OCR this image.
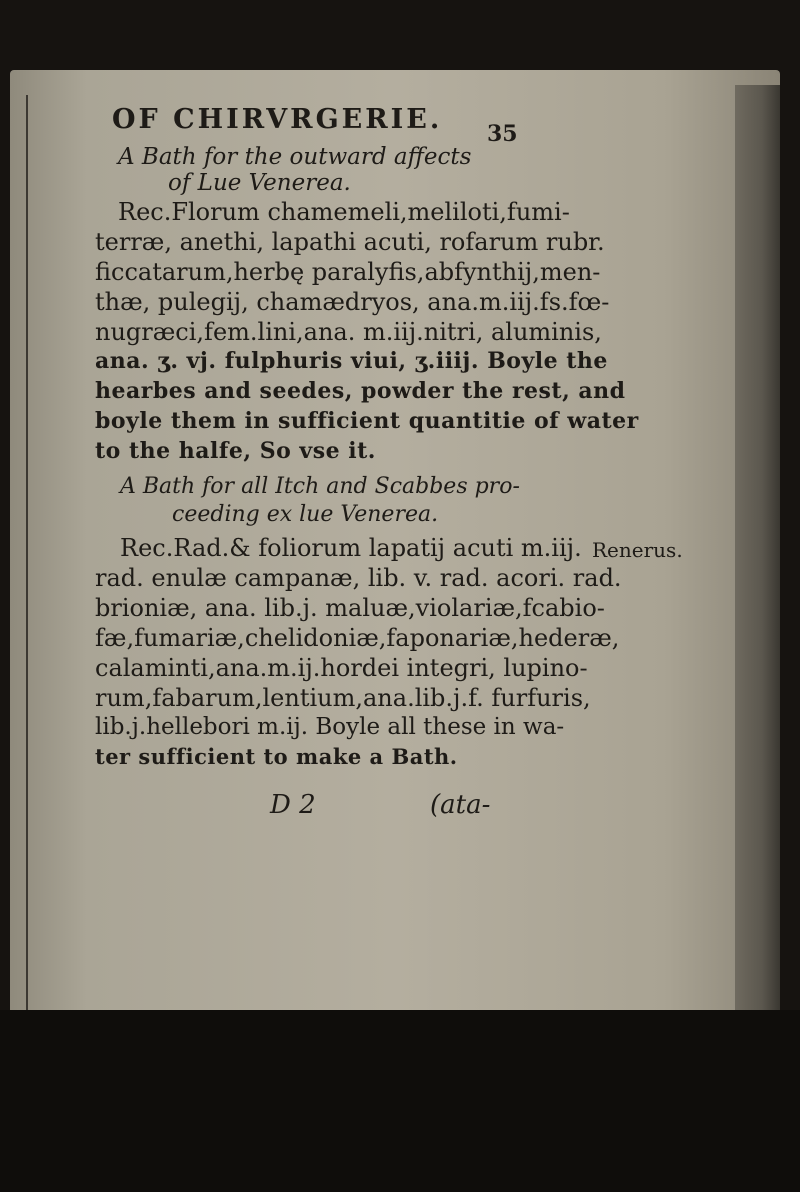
OF CHIRVRGERIE. 35

A Bath for the outward affects

of Lue Venerea.

Rec.Florum chamemeli,meliloti,fumi-

terræ, anethi, lapathi acuti, rofarum rubr.

ficcatarum,herbę paralyfis,abfynthij,men-

thæ, pulegij, chamædryos, ana.m.iij.fs.fœ-

nugræci,fem.lini,ana. m.iij.nitri, aluminis,

ana. ʒ. vj. fulphuris viui, ʒ.iiij. Boyle the

hearbes and seedes, powder the rest, and

boyle them in sufficient quantitie of water

to the halfe, So vse it.

A Bath for all Itch and Scabbes pro-

ceeding ex lue Venerea.

Rec.Rad.& foliorum lapatij acuti m.iij. Renerus.

rad. enulæ campanæ, lib. v. rad. acori. rad.

brioniæ, ana. lib.j. maluæ,violariæ,fcabio-

fæ,fumariæ,chelidoniæ,faponariæ,hederæ,

calaminti,ana.m.ij.hordei integri, lupino-

rum,fabarum,lentium,ana.lib.j.f. furfuris,

lib.j.hellebori m.ij. Boyle all these in wa-

ter sufficient to make a Bath.

D 2	(ata-
